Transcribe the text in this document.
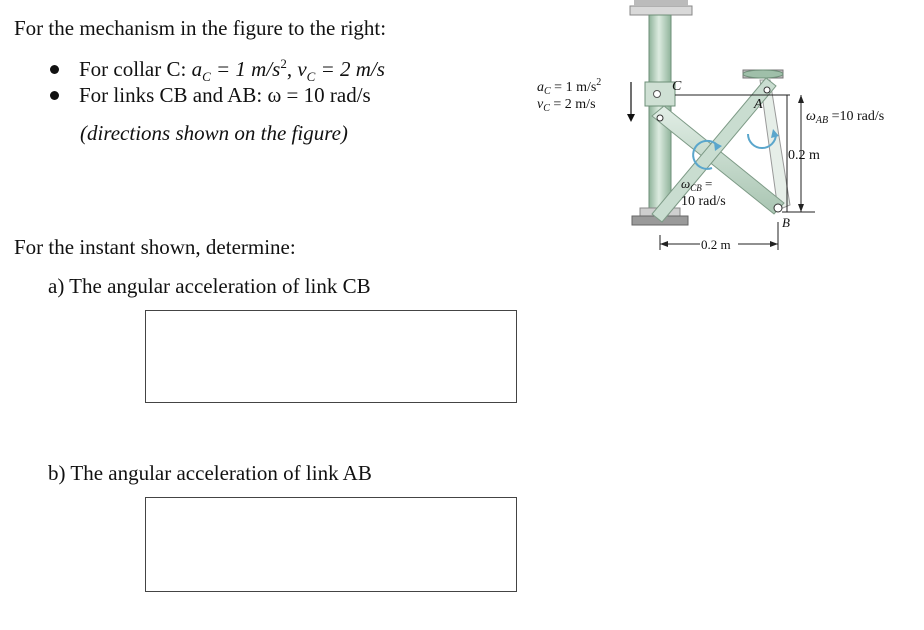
For the mechanism in the figure to the right:
For collar C: $a_C = 1$ $m/s^2$, $v_C = 2$ m/s
For links CB and AB: ω = 10 rad/s
(directions shown on the figure)
For the instant shown, determine:
a) The angular acceleration of link CB
b) The angular acceleration of link AB
$a_C = 1$ $m/s^2$
$v_C = 2$ m/s
C
A
B
$\omega_{AB} =10$ rad/s
$\omega_{CB}$ =
10 rad/s
0.2 m
0.2 m
